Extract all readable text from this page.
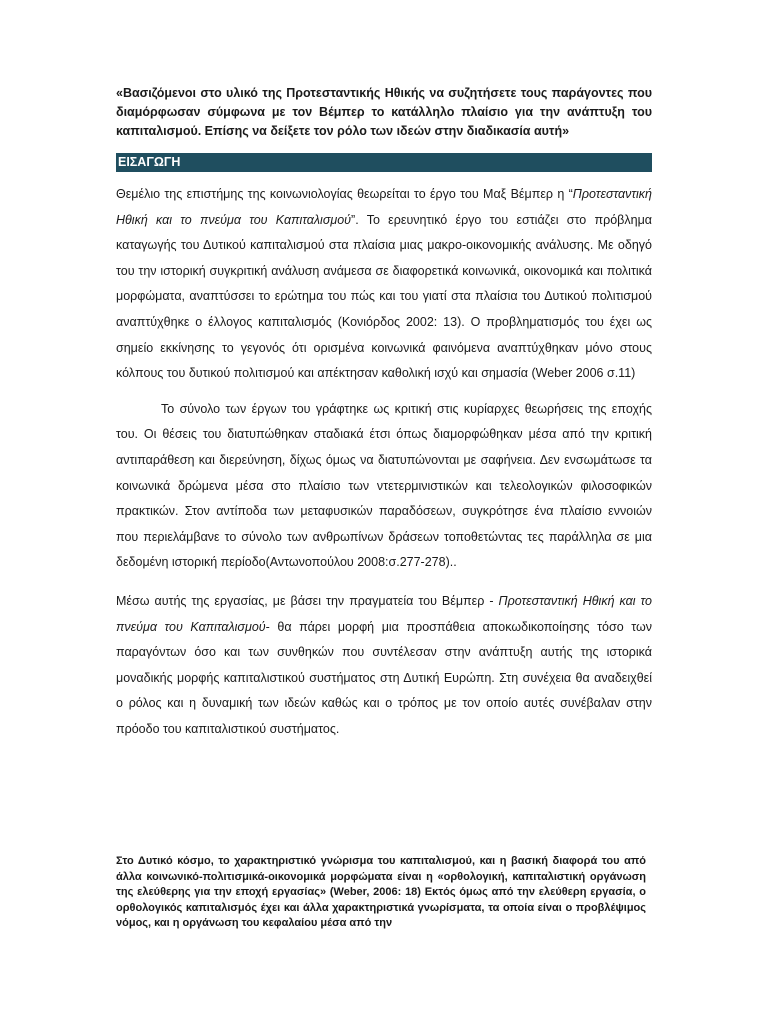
«Βασιζόμενοι στο υλικό της Προτεσταντικής Ηθικής να συζητήσετε τους παράγοντες που διαμόρφωσαν σύμφωνα με τον Βέμπερ το κατάλληλο πλαίσιο για την ανάπτυξη του καπιταλισμού. Επίσης να δείξετε τον ρόλο των ιδεών στην διαδικασία αυτή»

ΕΙΣΑΓΩΓΗ

Θεμέλιο της επιστήμης της κοινωνιολογίας θεωρείται το έργο του Μαξ Βέμπερ η “Προτεσταντική Ηθική και το πνεύμα του Καπιταλισμού”. Το ερευνητικό έργο του εστιάζει στο πρόβλημα καταγωγής του Δυτικού καπιταλισμού στα πλαίσια μιας μακρο-οικονομικής ανάλυσης. Με οδηγό του την ιστορική συγκριτική ανάλυση ανάμεσα σε διαφορετικά κοινωνικά, οικονομικά και πολιτικά μορφώματα, αναπτύσσει το ερώτημα του πώς και του γιατί στα πλαίσια του Δυτικού πολιτισμού αναπτύχθηκε ο έλλογος καπιταλισμός (Κονιόρδος 2002: 13). Ο προβληματισμός του έχει ως σημείο εκκίνησης το γεγονός ότι ορισμένα κοινωνικά φαινόμενα αναπτύχθηκαν μόνο στους κόλπους του δυτικού πολιτισμού και απέκτησαν καθολική ισχύ και σημασία (Weber 2006 σ.11)

Το σύνολο των έργων του γράφτηκε ως κριτική στις κυρίαρχες θεωρήσεις της εποχής του. Οι θέσεις του διατυπώθηκαν σταδιακά έτσι όπως διαμορφώθηκαν μέσα από την κριτική αντιπαράθεση και διερεύνηση, δίχως όμως να διατυπώνονται με σαφήνεια. Δεν ενσωμάτωσε τα κοινωνικά δρώμενα μέσα στο πλαίσιο των ντετερμινιστικών και τελεολογικών φιλοσοφικών πρακτικών. Στον αντίποδα των μεταφυσικών παραδόσεων, συγκρότησε ένα πλαίσιο εννοιών που περιελάμβανε το σύνολο των ανθρωπίνων δράσεων τοποθετώντας τες παράλληλα σε μια δεδομένη ιστορική περίοδο(Αντωνοπούλου 2008:σ.277-278)..

Μέσω αυτής της εργασίας, με βάσει την πραγματεία του Βέμπερ - Προτεσταντική Ηθική και το πνεύμα του Καπιταλισμού- θα πάρει μορφή μια προσπάθεια αποκωδικοποίησης τόσο των παραγόντων όσο και των συνθηκών που συντέλεσαν στην ανάπτυξη αυτής της ιστορικά μοναδικής μορφής καπιταλιστικού συστήματος στη Δυτική Ευρώπη. Στη συνέχεια θα αναδειχθεί ο ρόλος και η δυναμική των ιδεών καθώς και ο τρόπος με τον οποίο αυτές συνέβαλαν στην πρόοδο του καπιταλιστικού συστήματος.

Στο Δυτικό κόσμο, το χαρακτηριστικό γνώρισμα του καπιταλισμού, και η βασική διαφορά του από άλλα κοινωνικό-πολιτισμικά-οικονομικά μορφώματα είναι η «ορθολογική, καπιταλιστική οργάνωση της ελεύθερης για την εποχή εργασίας» (Weber, 2006: 18) Εκτός όμως από την ελεύθερη εργασία, ο ορθολογικός καπιταλισμός έχει και άλλα χαρακτηριστικά γνωρίσματα, τα οποία είναι ο προβλέψιμος νόμος, και η οργάνωση του κεφαλαίου μέσα από την
